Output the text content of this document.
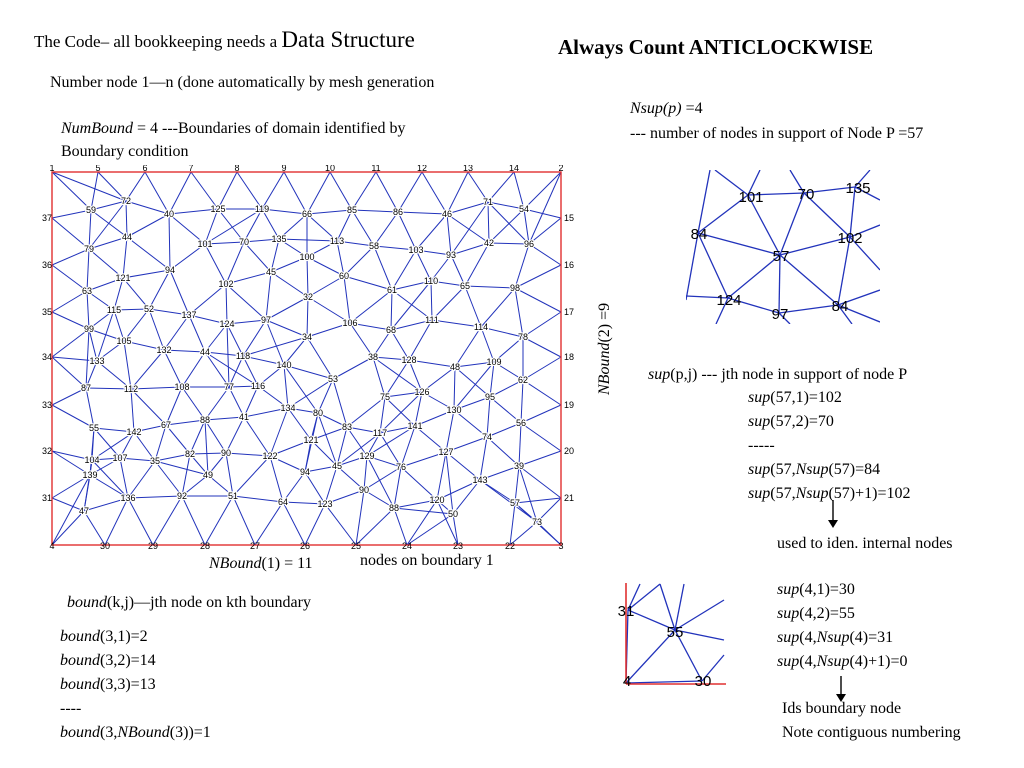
The Code– all bookkeeping needs a Data Structure	Always Count ANTICLOCKWISE
Number node 1—n (done automatically by mesh generation
NumBound = 4 ---Boundaries of domain identified by
Boundary condition
1	5	6	7	8	9	10	11	12	13	14	2
4	30	29	28	27	26	25	24	23	22	3
37
36
35
34
33
32
31
15
16
17
18
19
20
21
59
72
40	125	119	66	85	86	46
71
54
79
44
101	70 135	113	58	103 93
42	96
121
94
102
45
100
60
61
110 65	98
63
115	52
137
32
124	97
34
106
68
111
114
78
99
105
132	44	118
140
38	128
48	109
133
77
53	62
87	112	108	116
75	126	95
130
55	142
67	88	41
134 80
83
117
141	56
121	74
139
35
82	90	122
94
45
129
76
127
143
104 107
49
39
136	92	51
64	123
90
88
120
47	50
57
73
NBound(1) = 11	nodes on boundary 1
NBound(2) =9
bound(k,j)—jth node on kth boundary
bound(3,1)=2
bound(3,2)=14
bound(3,3)=13
----
bound(3,NBound(3))=1
Nsup(p) =4
--- number of nodes in support of Node P =57
101 70 135
84	102
57
124
97	84
sup(p,j) --- jth node in support of node P
sup(57,1)=102
sup(57,2)=70
-----
sup(57,Nsup(57)=84
sup(57,Nsup(57)+1)=102
used to iden. internal nodes
31
55
4	30
sup(4,1)=30
sup(4,2)=55
sup(4,Nsup(4)=31
sup(4,Nsup(4)+1)=0
Ids boundary node
Note contiguous numbering
